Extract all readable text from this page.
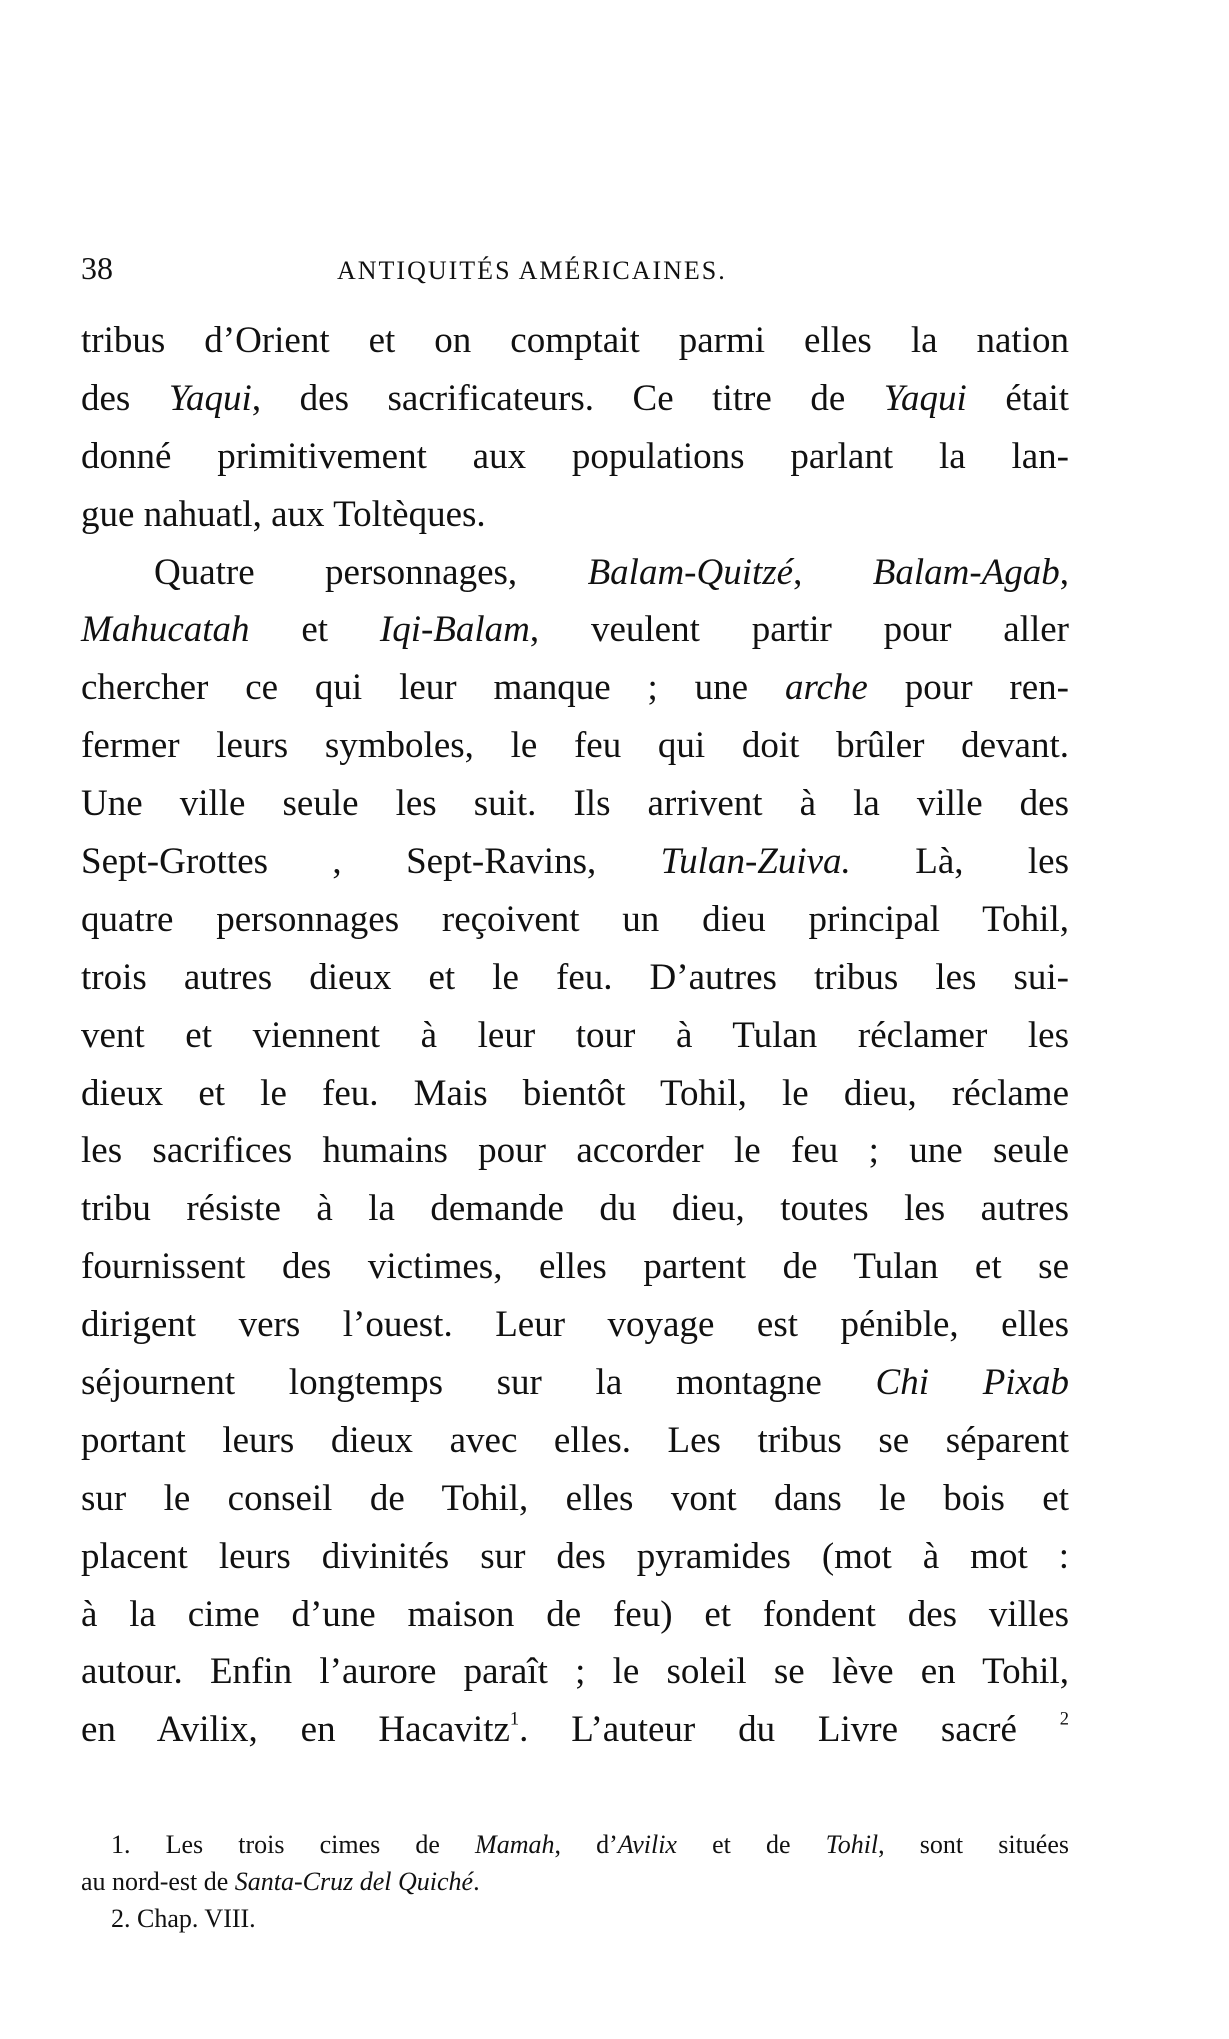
38	ANTIQUITÉS AMÉRICAINES.
tribus d’Orient et on comptait parmi elles la nation
des Yaqui, des sacrificateurs. Ce titre de Yaqui était
donné primitivement aux populations parlant la lan-
gue nahuatl, aux Toltèques.
Quatre personnages, Balam-Quitzé, Balam-Agab,
Mahucatah et Iqi-Balam, veulent partir pour aller
chercher ce qui leur manque ; une arche pour ren-
fermer leurs symboles, le feu qui doit brûler devant.
Une ville seule les suit. Ils arrivent à la ville des
Sept-Grottes , Sept-Ravins, Tulan-Zuiva. Là, les
quatre personnages reçoivent un dieu principal Tohil,
trois autres dieux et le feu. D’autres tribus les sui-
vent et viennent à leur tour à Tulan réclamer les
dieux et le feu. Mais bientôt Tohil, le dieu, réclame
les sacrifices humains pour accorder le feu ; une seule
tribu résiste à la demande du dieu, toutes les autres
fournissent des victimes, elles partent de Tulan et se
dirigent vers l’ouest. Leur voyage est pénible, elles
séjournent longtemps sur la montagne Chi Pixab
portant leurs dieux avec elles. Les tribus se séparent
sur le conseil de Tohil, elles vont dans le bois et
placent leurs divinités sur des pyramides (mot à mot :
à la cime d’une maison de feu) et fondent des villes
autour. Enfin l’aurore paraît ; le soleil se lève en Tohil,
en Avilix, en Hacavitz$^1$. L’auteur du Livre sacré $^2$
1. Les trois cimes de Mamah, d’Avilix et de Tohil, sont situées
au nord-est de Santa-Cruz del Quiché.
2. Chap. VIII.
